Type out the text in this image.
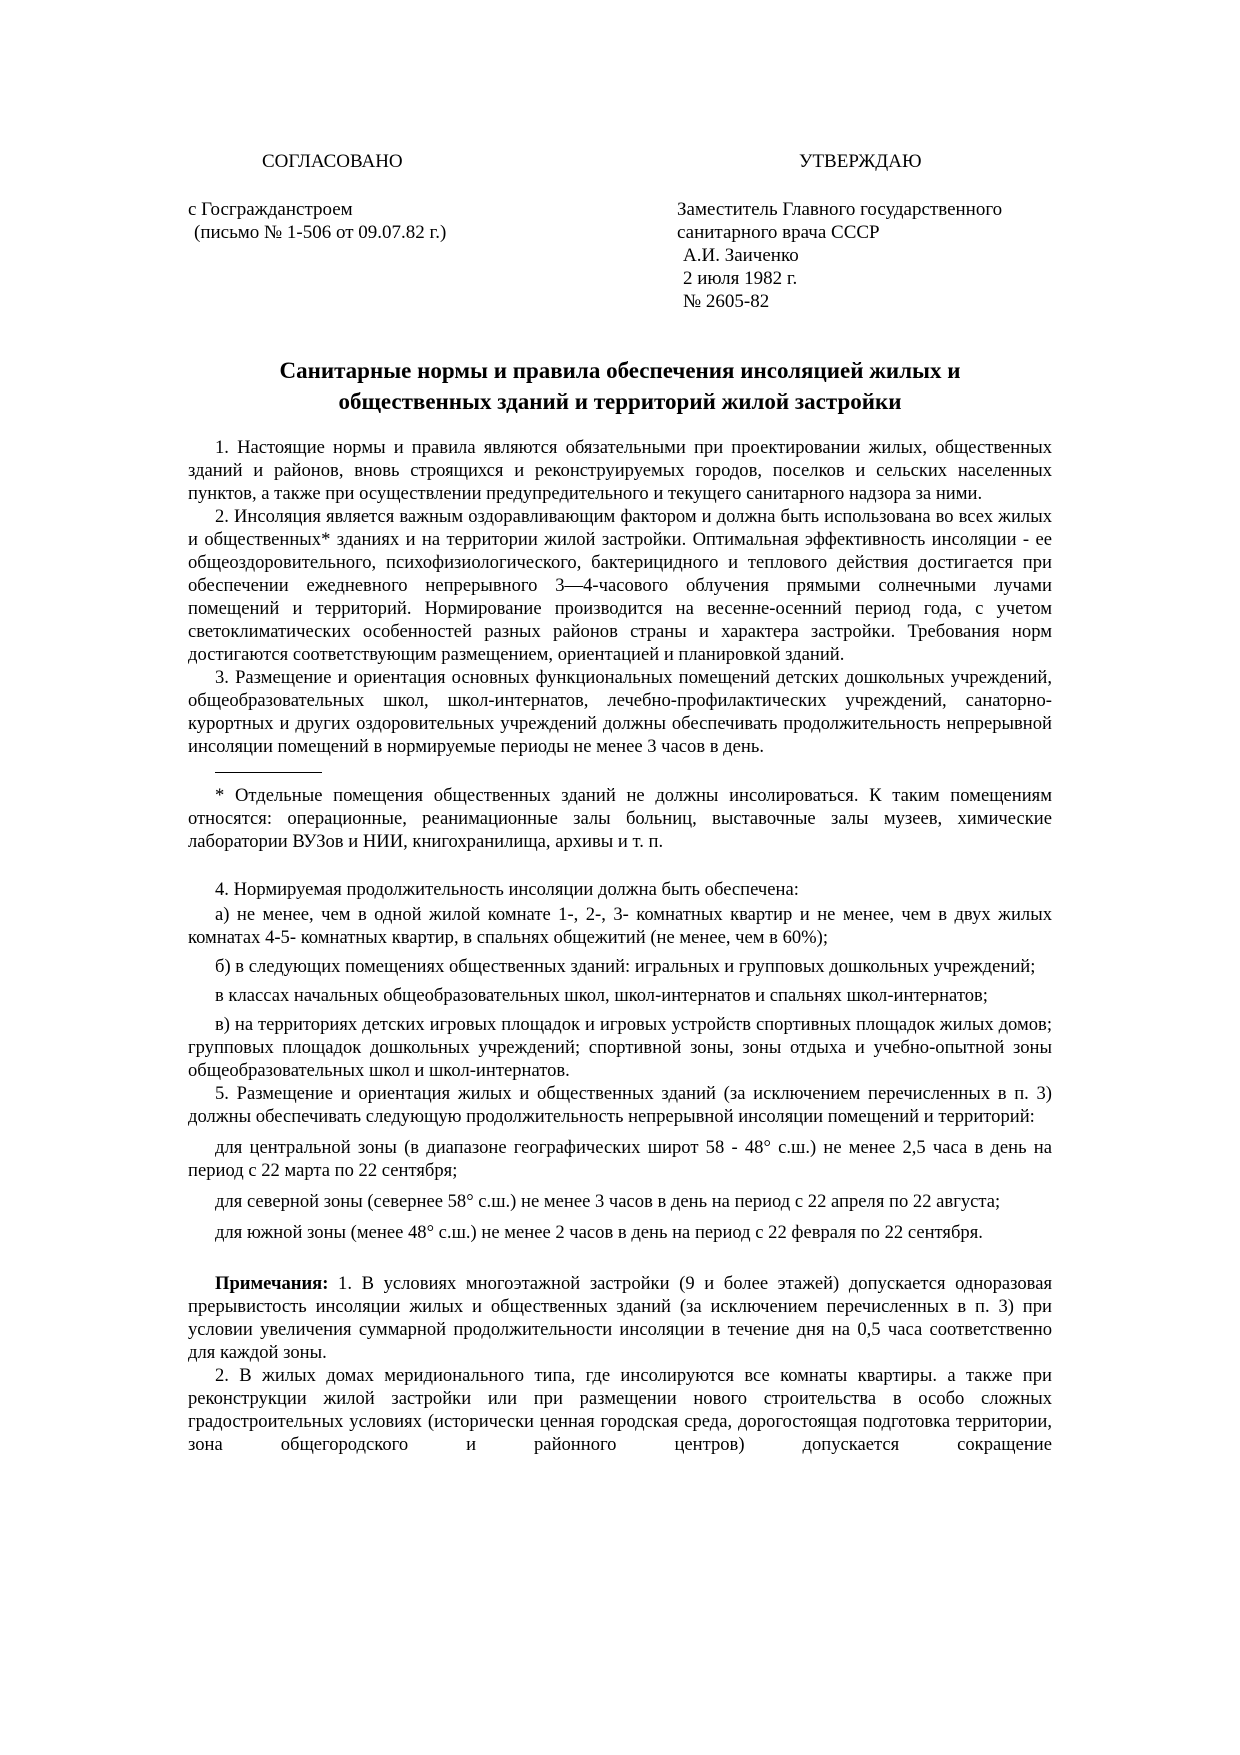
СОГЛАСОВАНО	УТВЕРЖДАЮ
с Госгражданстроем
(письмо № 1-506 от 09.07.82 г.)
Заместитель Главного государственного
санитарного врача СССР
А.И. Заиченко
2 июля 1982 г.
№ 2605-82
Санитарные нормы и правила обеспечения инсоляцией жилых и
общественных зданий и территорий жилой застройки

1. Настоящие нормы и правила являются обязательными при проектировании жилых, общественных зданий и районов, вновь строящихся и реконструируемых городов, поселков и сельских населенных пунктов, а также при осуществлении предупредительного и текущего санитарного надзора за ними.

2. Инсоляция является важным оздоравливающим фактором и должна быть использована во всех жилых и общественных* зданиях и на территории жилой застройки. Оптимальная эффективность инсоляции - ее общеоздоровительного, психофизиологического, бактерицидного и теплового действия достигается при обеспечении ежедневного непрерывного 3—4-часового облучения прямыми солнечными лучами помещений и территорий. Нормирование производится на весенне-осенний период года, с учетом светоклиматических особенностей разных районов страны и характера застройки. Требования норм достигаются соответствующим размещением, ориентацией и планировкой зданий.

3. Размещение и ориентация основных функциональных помещений детских дошкольных учреждений, общеобразовательных школ, школ-интернатов, лечебно-профилактических учреждений, санаторно-курортных и других оздоровительных учреждений должны обеспечивать продолжительность непрерывной инсоляции помещений в нормируемые периоды не менее 3 часов в день.

* Отдельные помещения общественных зданий не должны инсолироваться. К таким помещениям относятся: операционные, реанимационные залы больниц, выставочные залы музеев, химические лаборатории ВУЗов и НИИ, книгохранилища, архивы и т. п.

4. Нормируемая продолжительность инсоляции должна быть обеспечена:

а) не менее, чем в одной жилой комнате 1-, 2-, 3- комнатных квартир и не менее, чем в двух жилых комнатах 4-5- комнатных квартир, в спальнях общежитий (не менее, чем в 60%);

б) в следующих помещениях общественных зданий: игральных и групповых дошкольных учреждений;

в классах начальных общеобразовательных школ, школ-интернатов и спальнях школ-интернатов;

в) на территориях детских игровых площадок и игровых устройств спортивных площадок жилых домов; групповых площадок дошкольных учреждений; спортивной зоны, зоны отдыха и учебно-опытной зоны общеобразовательных школ и школ-интернатов.

5. Размещение и ориентация жилых и общественных зданий (за исключением перечисленных в п. 3) должны обеспечивать следующую продолжительность непрерывной инсоляции помещений и территорий:

для центральной зоны (в диапазоне географических широт 58 - 48° с.ш.) не менее 2,5 часа в день на период с 22 марта по 22 сентября;

для северной зоны (севернее 58° с.ш.) не менее 3 часов в день на период с 22 апреля по 22 августа;

для южной зоны (менее 48° с.ш.) не менее 2 часов в день на период с 22 февраля по 22 сентября.

Примечания: 1. В условиях многоэтажной застройки (9 и более этажей) допускается одноразовая прерывистость инсоляции жилых и общественных зданий (за исключением перечисленных в п. 3) при условии увеличения суммарной продолжительности инсоляции в течение дня на 0,5 часа соответственно для каждой зоны.

2. В жилых домах меридионального типа, где инсолируются все комнаты квартиры. а также при реконструкции жилой застройки или при размещении нового строительства в особо сложных градостроительных условиях (исторически ценная городская среда, дорогостоящая подготовка территории, зона общегородского и районного центров) допускается сокращение
